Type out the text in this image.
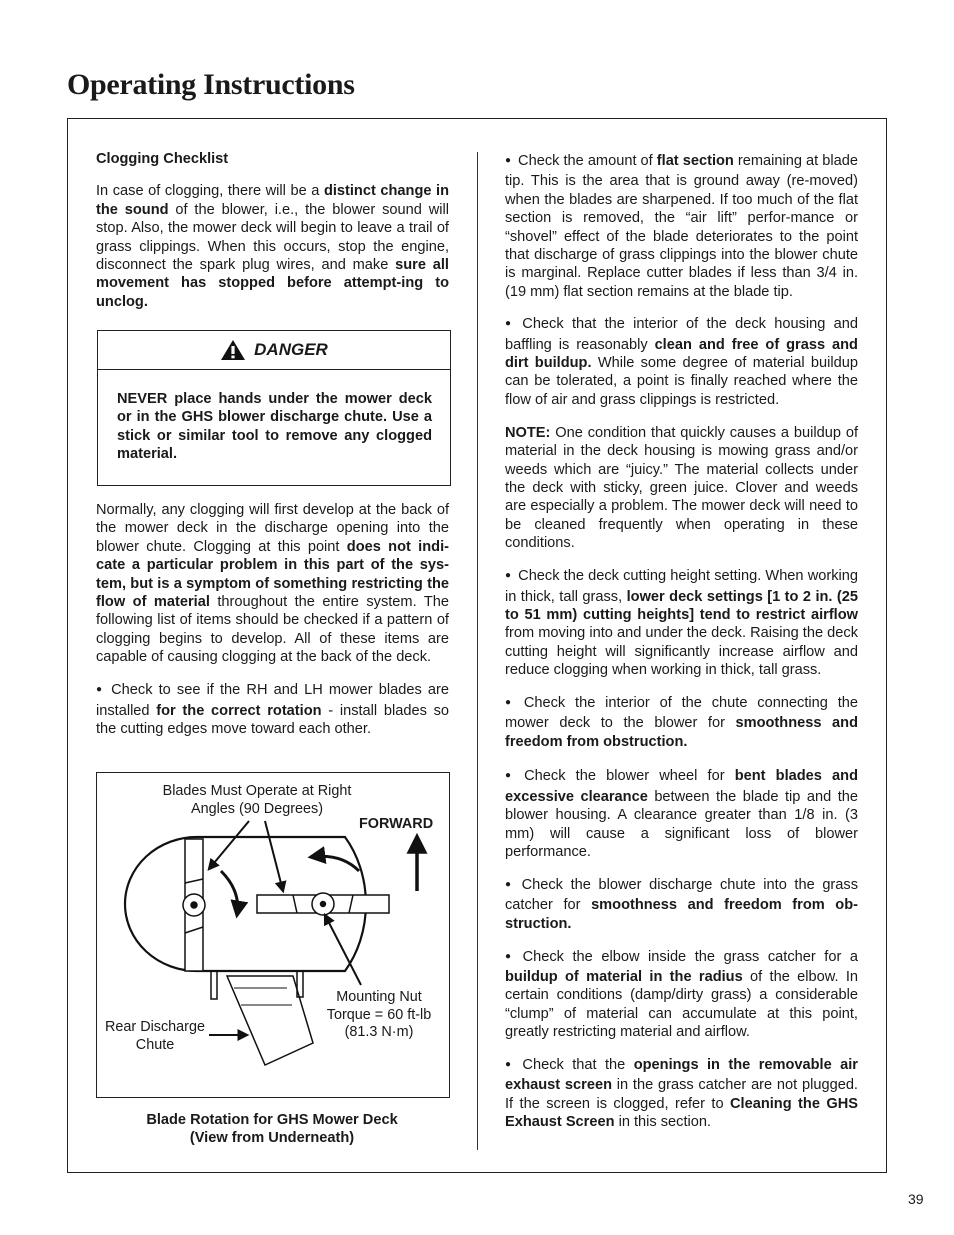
Operating Instructions
Clogging Checklist

In case of clogging, there will be a distinct change in the sound of the blower, i.e., the blower sound will stop. Also, the mower deck will begin to leave a trail of grass clippings. When this occurs, stop the engine, disconnect the spark plug wires, and make sure all movement has stopped before attempt-ing to unclog.

DANGER
NEVER place hands under the mower deck or in the GHS blower discharge chute. Use a stick or similar tool to remove any clogged material.

Normally, any clogging will first develop at the back of the mower deck in the discharge opening into the blower chute. Clogging at this point does not indi-cate a particular problem in this part of the sys-tem, but is a symptom of something restricting the flow of material throughout the entire system. The following list of items should be checked if a pattern of clogging begins to develop. All of these items are capable of causing clogging at the back of the deck.

● Check to see if the RH and LH mower blades are installed for the correct rotation - install blades so the cutting edges move toward each other.

Blades Must Operate at Right Angles (90 Degrees)
FORWARD
Mounting Nut
Torque = 60 ft-lb
(81.3 N·m)
Rear Discharge
Chute
Blade Rotation for GHS Mower Deck
(View from Underneath)

● Check the amount of flat section remaining at blade tip. This is the area that is ground away (re-moved) when the blades are sharpened. If too much of the flat section is removed, the “air lift” perfor-mance or “shovel” effect of the blade deteriorates to the point that discharge of grass clippings into the blower chute is marginal. Replace cutter blades if less than 3/4 in. (19 mm) flat section remains at the blade tip.

● Check that the interior of the deck housing and baffling is reasonably clean and free of grass and dirt buildup. While some degree of material buildup can be tolerated, a point is finally reached where the flow of air and grass clippings is restricted.

NOTE: One condition that quickly causes a buildup of material in the deck housing is mowing grass and/or weeds which are “juicy.” The material collects under the deck with sticky, green juice. Clover and weeds are especially a problem. The mower deck will need to be cleaned frequently when operating in these conditions.

● Check the deck cutting height setting. When working in thick, tall grass, lower deck settings [1 to 2 in. (25 to 51 mm) cutting heights] tend to restrict airflow from moving into and under the deck. Raising the deck cutting height will significantly increase airflow and reduce clogging when working in thick, tall grass.

● Check the interior of the chute connecting the mower deck to the blower for smoothness and freedom from obstruction.

● Check the blower wheel for bent blades and excessive clearance between the blade tip and the blower housing. A clearance greater than 1/8 in. (3 mm) will cause a significant loss of blower performance.

● Check the blower discharge chute into the grass catcher for smoothness and freedom from ob-struction.

● Check the elbow inside the grass catcher for a buildup of material in the radius of the elbow. In certain conditions (damp/dirty grass) a considerable “clump” of material can accumulate at this point, greatly restricting material and airflow.

● Check that the openings in the removable air exhaust screen in the grass catcher are not plugged. If the screen is clogged, refer to Cleaning the GHS Exhaust Screen in this section.

39
